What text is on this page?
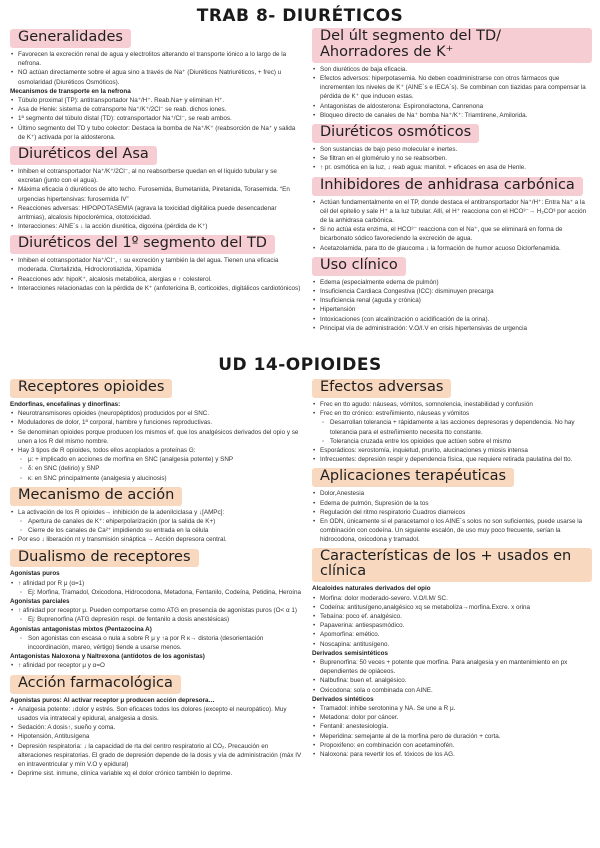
TRAB 8- DIURÉTICOS
UD 14-OPIOIDES
Generalidades
• Favorecen la excreción renal de agua y electrolitos alterando el transporte iónico a lo largo de la nefrona.
• NO actúan directamente sobre el agua sino a través de Na⁺ (Diuréticos Natriuréticos, + frec) u osmolaridad (Diuréticos Osmóticos).
Mecanismos de transporte en la nefrona
• Túbulo proximal (TP): antitransportador Na⁺/H⁺. Reab.Na+ y eliminan H⁺.
• Asa de Henle: sistema de cotransporte Na⁺/K⁺/2Cl⁻ se reab. dichos iones.
• 1ª segmento del túbulo distal (TD): cotransportador Na⁺/Cl⁻, se reab ambos.
• Último segmento del TD y tubo colector: Destaca la bomba de Na⁺/K⁺ (reabsorción de Na⁺ y salida de K⁺) activada por la aldosterona.
Diuréticos del Asa
• Inhiben el cotransportador Na⁺/K⁺/2Cl⁻, al no reabsorberse quedan en el líquido tubular y se excretan (junto con el agua).
• Máxima eficacia ó diuréticos de alto techo. Furosemida, Bumetanida, Piretanida, Torasemida. “En urgencias hipertensivas: furosemida IV”
• Reacciones adversas: HIPOPOTASEMIA (agrava la toxicidad digitálica puede desencadenar arritmias), alcalosis hipoclorémica, ototoxicidad.
• Interacciones: AINE´s ↓ la acción diurética, digoxina (pérdida de K⁺)
Diuréticos del 1º segmento del TD
• Inhiben el cotransportador Na⁺/Cl⁻, ↑ su excreción y también la del agua. Tienen una eficacia moderada. Clortalizida, Hidroclorotiazida, Xipamida
• Reacciones adv: hipoK⁺, alcalosis metabólica, alergias e ↑ colesterol.
• Interacciones relacionadas con la pérdida de K⁺ (anfotericina B, corticoides, digitálicos cardiotónicos)
Del últ segmento del TD/ Ahorradores de K⁺
• Son diuréticos de baja eficacia.
• Efectos adversos: hiperpotasemia. No deben coadministrarse con otros fármacos que incrementen los niveles de K⁺ (AINE´s e IECA´s). Se combinan con tiazidas para compensar la pérdida de K⁺ que inducen estas.
• Antagonistas de aldosterona: Espironolactona, Canrenona
• Bloqueo directo de canales de Na⁺ bomba Na⁺/K⁺: Triamtirene, Amilorida.
Diuréticos osmóticos
• Son sustancias de bajo peso molecular e inertes.
• Se filtran en el glomérulo y no se reabsorben.
• ↑ pr. osmótica en la luz, ↓ reab agua: manitol. + eficaces en asa de Henle.
Inhibidores de anhidrasa carbónica
• Actúan fundamentalmente en el TP, donde destaca el antitransportador Na⁺/H⁺: Entra Na⁺ a la cél del epitelio y sale H⁺ a la luz tubular. Allí, el H⁺ reacciona con el HCO³⁻→ H₂CO³ por acción de la anhidrasa carbónica.
• Si no actúa esta enzima, el HCO³⁻ reacciona con el Na⁺, que se eliminará en forma de bicarbonato sódico favoreciendo la excreción de agua.
• Acetazolamida, para tto de glaucoma ↓ la formación de humor acuoso Diclorfenamida.
Uso clínico
• Edema (especialmente edema de pulmón)
• Insuficiencia Cardiaca Congestiva (ICC): disminuyen precarga
• Insuficiencia renal (aguda y crónica)
• Hipertensión
• Intoxicaciones (con alcalinización o acidificación de la orina).
• Principal vía de administración: V.O/I.V en crisis hipertensivas de urgencia
Receptores opioides
Endorfinas, encefalinas y dinorfinas:
• Neurotransmisores opioides (neuropéptidos) producidos por el SNC.
• Moduladores de dolor, 1ª corporal, hambre y funciones reproductivas.
• Se denominan opioides porque producen los mismos ef. que los analgésicos derivados del opio y se unen a los R del mismo nombre.
• Hay 3 tipos de R opioides, todos ellos acoplados a proteínas G:
◦ μ: + implicado en acciones de morfina en SNC (analgesia potente) y SNP
◦ δ: en SNC (delirio) y SNP
◦ κ: en SNC principalmente (analgesia y alucinosis)
Mecanismo de acción
• La activación de los R opioides→ inhibición de la adenilciclasa y ↓[AMPc]:
◦ Apertura de canales de K⁺: ehiperpolarización (por la salida de K+)
◦ Cierre de los canales de Ca²⁺ impidiendo su entrada en la célula
• Por eso ↓ liberación nt y transmisión sináptica → Acción depresora central.
Dualismo de receptores
Agonistas puros
• ↑ afinidad por R μ (α=1)
◦ Ej: Morfina, Tramadol, Oxicodona, Hidrocodona, Metadona, Fentanilo, Codeína, Petidina, Heroína
Agonistas parciales
• ↑ afinidad por receptor μ. Pueden comportarse como ATG en presencia de agonistas puros (O< α 1)
◦ Ej: Buprenorfina (ATG depresión respi. de fentanilo a dosis anestésicas)
Agonistas antagonistas mixtos (Pentazocina A)
◦ Son agonistas con escasa o nula a sobre R μ y ↑a por R κ→ distoria (desorientación incoordinación, mareo, vértigo) tiende a usarse menos.
Antagonistas Naloxona y Naltrexona (antídotos de los agonistas)
• ↑ afinidad por receptor μ y α=O
Acción farmacológica
Agonistas puros: Al activar receptor μ producen acción depresora…
• Analgesia potente: ↓dolor y estrés. Son eficaces todos los dolores (excepto el neuropático). Muy usados vía intratecal y epidural, analgesia a dosis.
• Sedación: A dosis↑, sueño y coma.
• Hipotensión, Antitusígena
• Depresión respiratoria: ↓ la capacidad de rta del centro respiratorio al CO₂. Precaución en alteraciones respiratorias. El grado de depresión depende de la dosis y vía de administración (máx IV en intraventricular y mín V.O y epidural)
• Deprime sist. inmune, clínica variable xq el dolor crónico también lo deprime.
Efectos adversas
• Frec en tto agudo: náuseas, vómitos, somnolencia, inestabilidad y confusión
• Frec en tto crónico: estreñimiento, náuseas y vómitos
◦ Desarrollan tolerancia + rápidamente a las acciones depresoras y dependencia. No hay tolerancia para el estreñimiento necesita tto constante.
◦ Tolerancia cruzada entre los opioides que actúen sobre el mismo
• Esporádicos: xerostomía, inquietud, prurito, alucinaciones y miosis intensa
• Infrecuentes: depresión respir y dependencia física, que requiere retirada paulatina del tto.
Aplicaciones terapéuticas
• Dolor,Anestesia
• Edema de pulmón, Supresión de la tos
• Regulación del ritmo respiratorio Cuadros diarreicos
• En ODN, únicamente si el paracetamol o los AINE´s solos no son suficientes, puede usarse la combinación con codeína. Un siguiente escalón, de uso muy poco frecuente, serían la hidrocodona, oxicodona y tramadol.
Características de los + usados en clínica
Alcaloides naturales derivados del opio
• Morfina: dolor moderado-severo. V.O/I.M/ SC.
• Codeína: antitusígeno,analgésico xq se metaboliza→morfina.Excre. x orina
• Tebaína: poco ef. analgésico.
• Papaverina: antiespasmódico.
• Apomorfina: emético.
• Noscapina: antitusígeno.
Derivados semisintéticos
• Buprenorfina: 50 veces + potente que morfina. Para analgesia y en mantenimiento en px dependientes de opiáceos.
• Nalbufina: buen ef. analgésico.
• Oxicodona: sola o combinada con AINE.
Derivados sintéticos
• Tramadol: inhibe serotonina y NA. Se une a R μ.
• Metadona: dolor por cáncer.
• Fentanil: anestesiología.
• Meperidina: semejante al de la morfina pero de duración + corta.
• Propoxifeno: en combinación con acetaminofén.
• Naloxona: para revertir los ef. tóxicos de los AG.
